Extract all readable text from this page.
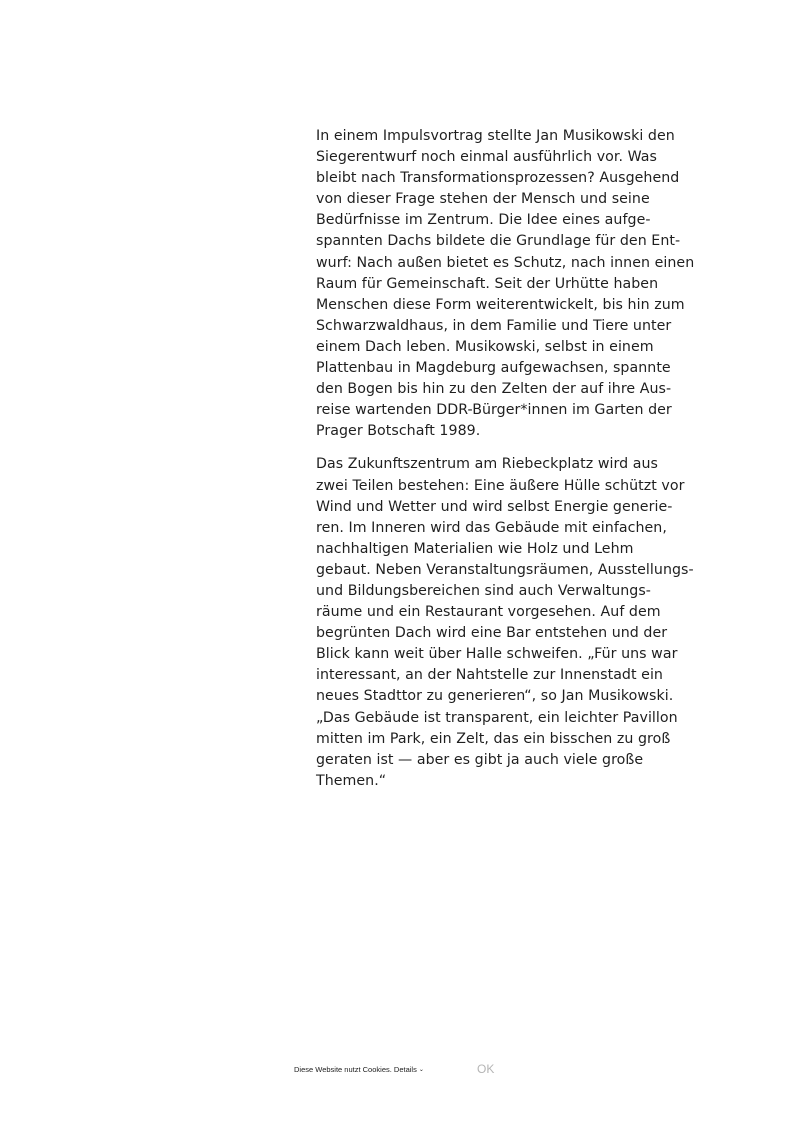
In einem Impulsvortrag stellte Jan Musikowski den
Siegerentwurf noch einmal ausführlich vor. Was
bleibt nach Transformationsprozessen? Ausgehend
von dieser Frage stehen der Mensch und seine
Bedürfnisse im Zentrum. Die Idee eines aufge-
spannten Dachs bildete die Grundlage für den Ent-
wurf: Nach außen bietet es Schutz, nach innen einen
Raum für Gemeinschaft. Seit der Urhütte haben
Menschen diese Form weiterentwickelt, bis hin zum
Schwarzwaldhaus, in dem Familie und Tiere unter
einem Dach leben. Musikowski, selbst in einem
Plattenbau in Magdeburg aufgewachsen, spannte
den Bogen bis hin zu den Zelten der auf ihre Aus-
reise wartenden DDR-Bürger*innen im Garten der
Prager Botschaft 1989.

Das Zukunftszentrum am Riebeckplatz wird aus
zwei Teilen bestehen: Eine äußere Hülle schützt vor
Wind und Wetter und wird selbst Energie generie-
ren. Im Inneren wird das Gebäude mit einfachen,
nachhaltigen Materialien wie Holz und Lehm
gebaut. Neben Veranstaltungsräumen, Ausstellungs-
und Bildungsbereichen sind auch Verwaltungs-
räume und ein Restaurant vorgesehen. Auf dem
begrünten Dach wird eine Bar entstehen und der
Blick kann weit über Halle schweifen. „Für uns war
interessant, an der Nahtstelle zur Innenstadt ein
neues Stadttor zu generieren“, so Jan Musikowski.
„Das Gebäude ist transparent, ein leichter Pavillon
mitten im Park, ein Zelt, das ein bisschen zu groß
geraten ist — aber es gibt ja auch viele große
Themen.“

Diese Website nutzt Cookies. Details ⌄	OK
